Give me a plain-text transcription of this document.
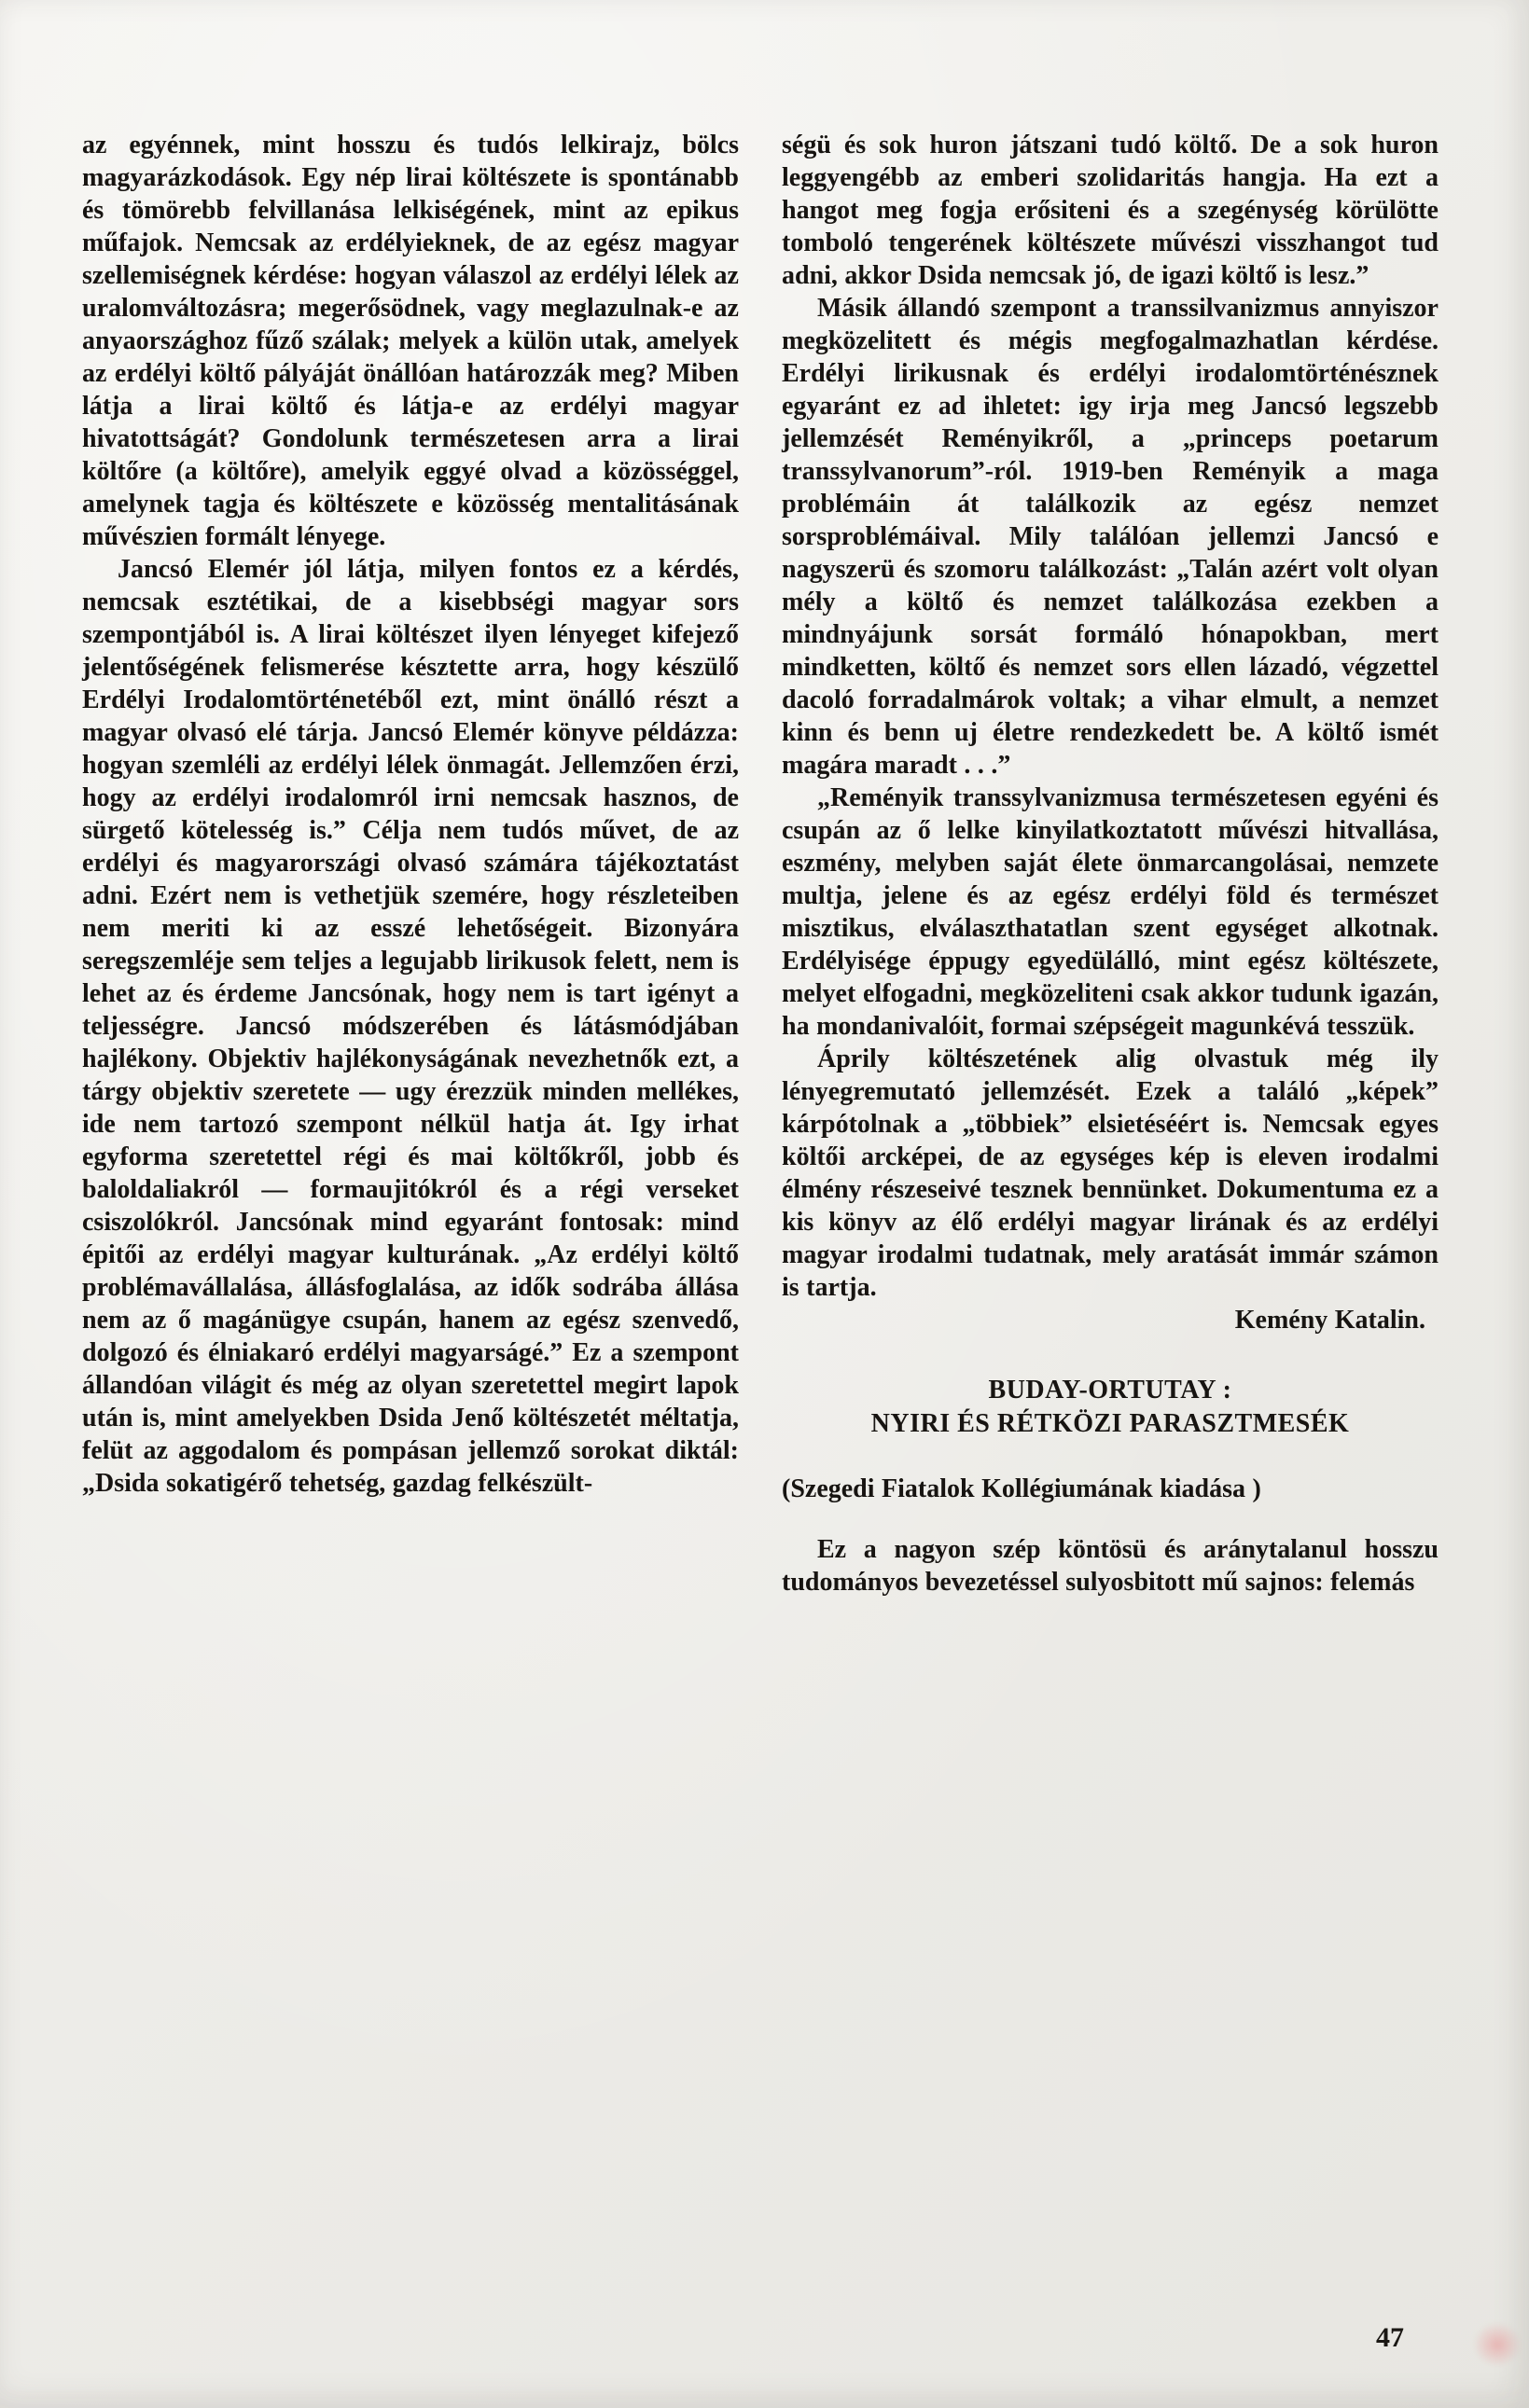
az egyénnek, mint hosszu és tudós lelkirajz, bölcs magyarázkodások. Egy nép lirai költészete is spontánabb és tömörebb felvillanása lelkiségének, mint az epikus műfajok. Nemcsak az erdélyieknek, de az egész magyar szellemiségnek kérdése: hogyan válaszol az erdélyi lélek az uralomváltozásra; megerősödnek, vagy meglazulnak-e az anyaországhoz fűző szálak; melyek a külön utak, amelyek az erdélyi költő pályáját önállóan határozzák meg? Miben látja a lirai költő és látja-e az erdélyi magyar hivatottságát? Gondolunk természetesen arra a lirai költőre (a költőre), amelyik eggyé olvad a közösséggel, amelynek tagja és költészete e közösség mentalitásának művészien formált lényege.

Jancsó Elemér jól látja, milyen fontos ez a kérdés, nemcsak esztétikai, de a kisebbségi magyar sors szempontjából is. A lirai költészet ilyen lényeget kifejező jelentőségének felismerése késztette arra, hogy készülő Erdélyi Irodalomtörténetéből ezt, mint önálló részt a magyar olvasó elé tárja. Jancsó Elemér könyve példázza: hogyan szemléli az erdélyi lélek önmagát. Jellemzően érzi, hogy az erdélyi irodalomról irni nemcsak hasznos, de sürgető kötelesség is.” Célja nem tudós művet, de az erdélyi és magyarországi olvasó számára tájékoztatást adni. Ezért nem is vethetjük szemére, hogy részleteiben nem meriti ki az esszé lehetőségeit. Bizonyára seregszemléje sem teljes a legujabb lirikusok felett, nem is lehet az és érdeme Jancsónak, hogy nem is tart igényt a teljességre. Jancsó módszerében és látásmódjában hajlékony. Objektiv hajlékonyságának nevezhetnők ezt, a tárgy objektiv szeretete — ugy érezzük minden mellékes, ide nem tartozó szempont nélkül hatja át. Igy irhat egyforma szeretettel régi és mai költőkről, jobb és baloldaliakról — formaujitókról és a régi verseket csiszolókról. Jancsónak mind egyaránt fontosak: mind épitői az erdélyi magyar kulturának. „Az erdélyi költő problémavállalása, állásfoglalása, az idők sodrába állása nem az ő magánügye csupán, hanem az egész szenvedő, dolgozó és élniakaró erdélyi magyarságé.” Ez a szempont állandóan világit és még az olyan szeretettel megirt lapok után is, mint amelyekben Dsida Jenő költészetét méltatja, felüt az aggodalom és pompásan jellemző sorokat diktál: „Dsida sokatigérő tehetség, gazdag felkészült-

ségü és sok huron játszani tudó költő. De a sok huron leggyengébb az emberi szolidaritás hangja. Ha ezt a hangot meg fogja erősiteni és a szegénység körülötte tomboló tengerének költészete művészi visszhangot tud adni, akkor Dsida nemcsak jó, de igazi költő is lesz.”

Másik állandó szempont a transsilvanizmus annyiszor megközelitett és mégis megfogalmazhatlan kérdése. Erdélyi lirikusnak és erdélyi irodalomtörténésznek egyaránt ez ad ihletet: igy irja meg Jancsó legszebb jellemzését Reményikről, a „princeps poetarum transsylvanorum”-ról. 1919-ben Reményik a maga problémáin át találkozik az egész nemzet sorsproblémáival. Mily találóan jellemzi Jancsó e nagyszerü és szomoru találkozást: „Talán azért volt olyan mély a költő és nemzet találkozása ezekben a mindnyájunk sorsát formáló hónapokban, mert mindketten, költő és nemzet sors ellen lázadó, végzettel dacoló forradalmárok voltak; a vihar elmult, a nemzet kinn és benn uj életre rendezkedett be. A költő ismét magára maradt . . .”

„Reményik transsylvanizmusa természetesen egyéni és csupán az ő lelke kinyilatkoztatott művészi hitvallása, eszmény, melyben saját élete önmarcangolásai, nemzete multja, jelene és az egész erdélyi föld és természet misztikus, elválaszthatatlan szent egységet alkotnak. Erdélyisége éppugy egyedülálló, mint egész költészete, melyet elfogadni, megközeliteni csak akkor tudunk igazán, ha mondanivalóit, formai szépségeit magunkévá tesszük.

Áprily költészetének alig olvastuk még ily lényegremutató jellemzését. Ezek a találó „képek” kárpótolnak a „többiek” elsietéséért is. Nemcsak egyes költői arcképei, de az egységes kép is eleven irodalmi élmény részeseivé tesznek bennünket. Dokumentuma ez a kis könyv az élő erdélyi magyar lirának és az erdélyi magyar irodalmi tudatnak, mely aratását immár számon is tartja.

Kemény Katalin.

BUDAY-ORTUTAY :
NYIRI ÉS RÉTKÖZI PARASZTMESÉK

(Szegedi Fiatalok Kollégiumának kiadása )

Ez a nagyon szép köntösü és aránytalanul hosszu tudományos bevezetéssel sulyosbitott mű sajnos: felemás

47
